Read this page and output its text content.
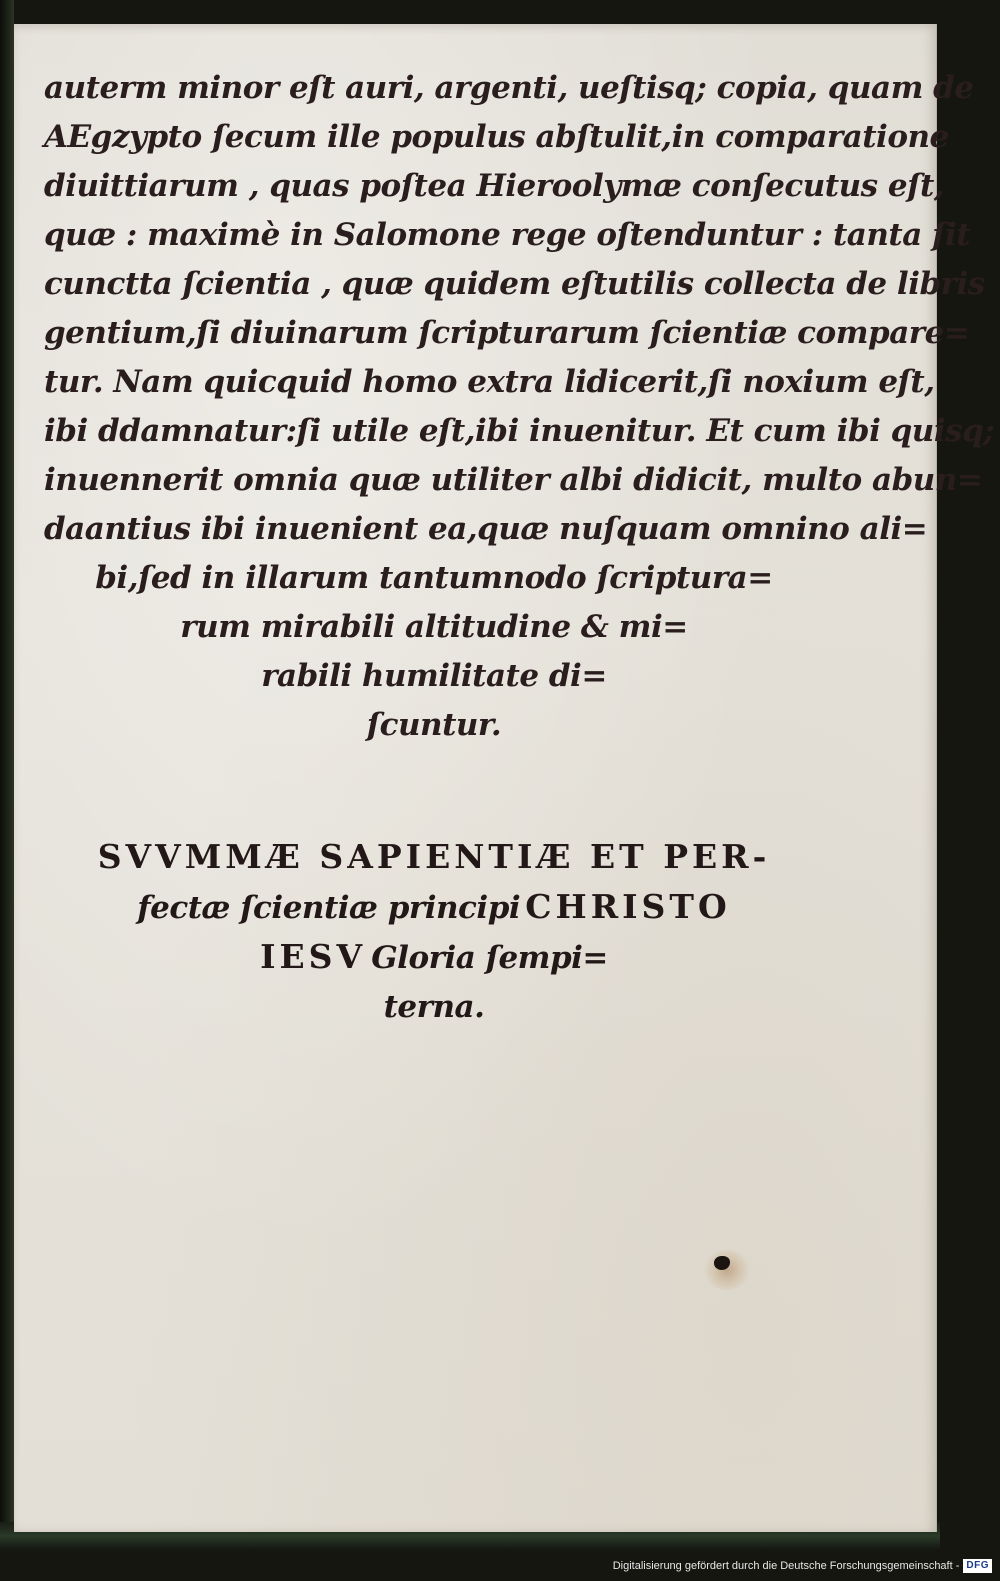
auterm minor eſt auri, argenti, ueſtisq; copia, quam de
AEgzypto ſecum ille populus abſtulit,in comparatione
diuittiarum , quas poſtea Hieroolymæ conſecutus eſt,
quæ : maximè in Salomone rege oſtenduntur : tanta ſit
cunctta ſcientia , quæ quidem eſtutilis collecta de libris
gentium,ſi diuinarum ſcripturarum ſcientiæ compare=
tur. Nam quicquid homo extra lidicerit,ſi noxium eſt,
ibi ddamnatur:ſi utile eſt,ibi inuenitur. Et cum ibi quisq;
inuennerit omnia quæ utiliter albi didicit, multo abun=
daantius ibi inuenient ea,quæ nuſquam omnino ali=
bi,ſed in illarum tantumnodo ſcriptura=
rum mirabili altitudine & mi=
rabili humilitate di=
ſcuntur.
SVVMMÆ SAPIENTIÆ ET PER-
fectæ ſcientiæ principi CHRISTO
IESV Gloria ſempi=
terna.
Digitalisierung gefördert durch die Deutsche Forschungsgemeinschaft - DFG
